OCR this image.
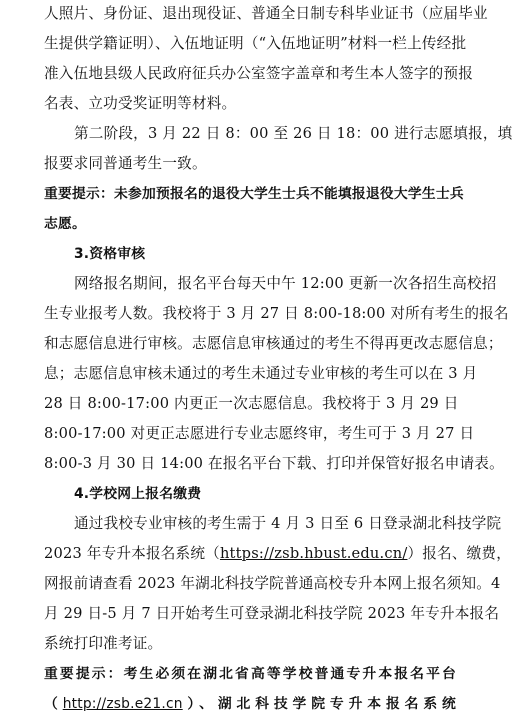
人照片、身份证、退出现役证、普通全日制专科毕业证书（应届毕业
生提供学籍证明）、入伍地证明（“入伍地证明”材料一栏上传经批
准入伍地县级人民政府征兵办公室签字盖章和考生本人签字的预报
名表、立功受奖证明等材料。
第二阶段，3 月 22 日 8：00 至 26 日 18：00 进行志愿填报，填
报要求同普通考生一致。
重要提示：未参加预报名的退役大学生士兵不能填报退役大学生士兵
志愿。
3.资格审核
网络报名期间，报名平台每天中午 12:00 更新一次各招生高校招
生专业报考人数。我校将于 3 月 27 日 8:00-18:00 对所有考生的报名
和志愿信息进行审核。志愿信息审核通过的考生不得再更改志愿信息；
息；志愿信息审核未通过的考生未通过专业审核的考生可以在 3 月
28 日 8:00-17:00 内更正一次志愿信息。我校将于 3 月 29 日
8:00-17:00 对更正志愿进行专业志愿终审，考生可于 3 月 27 日
8:00-3 月 30 日 14:00 在报名平台下载、打印并保管好报名申请表。
4.学校网上报名缴费
通过我校专业审核的考生需于 4 月 3 日至 6 日登录湖北科技学院
2023 年专升本报名系统（https://zsb.hbust.edu.cn/）报名、缴费，
网报前请查看 2023 年湖北科技学院普通高校专升本网上报名须知。4
月 29 日-5 月 7 日开始考生可登录湖北科技学院 2023 年专升本报名
系统打印准考证。
重要提示：考生必须在湖北省高等学校普通专升本报名平台
（http://zsb.e21.cn）、湖北科技学院专升本报名系统
